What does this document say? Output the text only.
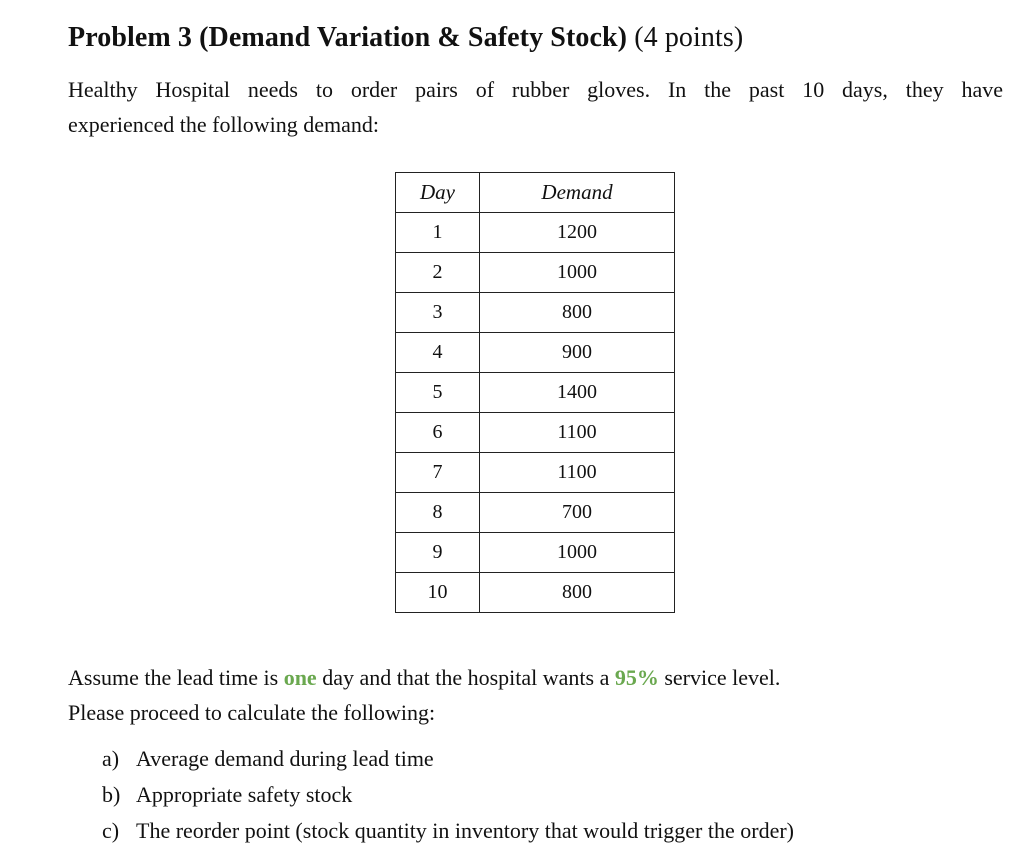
Problem 3 (Demand Variation & Safety Stock) (4 points)
Healthy Hospital needs to order pairs of rubber gloves. In the past 10 days, they have
experienced the following demand:
Day	Demand
1	1200
2	1000
3	800
4	900
5	1400
6	1100
7	1100
8	700
9	1000
10	800
Assume the lead time is one day and that the hospital wants a 95% service level.
Please proceed to calculate the following:
a) Average demand during lead time
b) Appropriate safety stock
c) The reorder point (stock quantity in inventory that would trigger the order)
